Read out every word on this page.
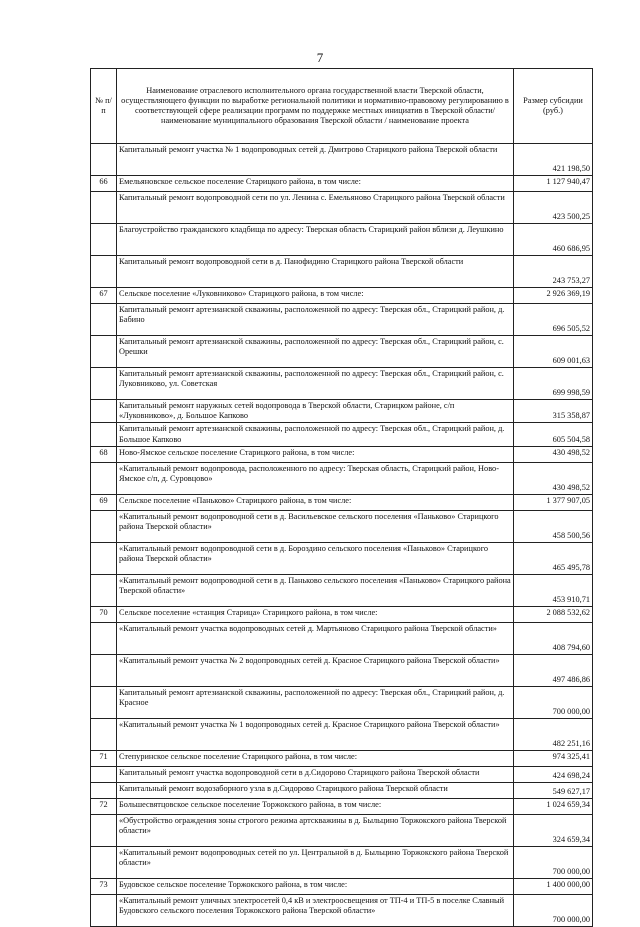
7
№ п/п	Наименование отраслевого исполнительного органа государственной власти Тверской области, осуществляющего функции по выработке региональной политики и нормативно-правовому регулированию в соответствующей сфере реализации программ по поддержке местных инициатив в Тверской области/ наименование муниципального образования Тверской области / наименование проекта	Размер субсидии (руб.)
	Капитальный ремонт участка № 1 водопроводных сетей д. Дмитрово Старицкого района Тверской области	421 198,50
66	Емельяновское сельское поселение Старицкого района, в том числе:	1 127 940,47
	Капитальный ремонт водопроводной сети по ул. Ленина с. Емельяново Старицкого района Тверской области	423 500,25
	Благоустройство гражданского кладбища по адресу: Тверская область Старицкий район вблизи д. Леушкино	460 686,95
	Капитальный ремонт водопроводной сети в д. Панофидино Старицкого района Тверской области	243 753,27
67	Сельское поселение «Луковниково» Старицкого района, в том числе:	2 926 369,19
	Капитальный ремонт артезианской скважины, расположенной по адресу: Тверская обл., Старицкий район, д. Бабино	696 505,52
	Капитальный ремонт артезианской скважины, расположенной по адресу: Тверская обл., Старицкий район, с. Орешки	609 001,63
	Капитальный ремонт артезианской скважины, расположенной по адресу: Тверская обл., Старицкий район, с. Луковниково, ул. Советская	699 998,59
	Капитальный ремонт наружных сетей водопровода в Тверской области, Старицком районе, с/п «Луковниково», д. Большое Капково	315 358,87
	Капитальный ремонт артезианской скважины, расположенной по адресу: Тверская обл., Старицкий район, д. Большое Капково	605 504,58
68	Ново-Ямское сельское поселение Старицкого района, в том числе:	430 498,52
	«Капитальный ремонт водопровода, расположенного по адресу: Тверская область, Старицкий район, Ново-Ямское с/п, д. Суровцово»	430 498,52
69	Сельское поселение «Паньково» Старицкого района, в том числе:	1 377 907,05
	«Капитальный ремонт водопроводной сети в д. Васильевское сельского поселения «Паньково» Старицкого района Тверской области»	458 500,56
	«Капитальный ремонт водопроводной сети в д. Бороздино сельского поселения «Паньково» Старицкого района Тверской области»	465 495,78
	«Капитальный ремонт водопроводной сети в д. Паньково сельского поселения «Паньково» Старицкого района Тверской области»	453 910,71
70	Сельское поселение «станция Старица» Старицкого района, в том числе:	2 088 532,62
	«Капитальный ремонт участка водопроводных сетей д. Мартьяново Старицкого района Тверской области»	408 794,60
	«Капитальный ремонт участка № 2 водопроводных сетей д. Красное Старицкого района Тверской области»	497 486,86
	Капитальный ремонт артезианской скважины, расположенной по адресу: Тверская обл., Старицкий район, д. Красное	700 000,00
	«Капитальный ремонт участка № 1 водопроводных сетей д. Красное Старицкого района Тверской области»	482 251,16
71	Степуринское сельское поселение Старицкого района, в том числе:	974 325,41
	Капитальный ремонт участка водопроводной сети в д.Сидорово Старицкого района Тверской области	424 698,24
	Капитальный ремонт водозаборного узла в д.Сидорово Старицкого района Тверской области	549 627,17
72	Большесвятцовское сельское поселение Торжокского района, в том числе:	1 024 659,34
	«Обустройство ограждения зоны строгого режима артскважины в д. Быльцино Торжокского района Тверской области»	324 659,34
	«Капитальный ремонт водопроводных сетей по ул. Центральной в д. Быльцино Торжокского района Тверской области»	700 000,00
73	Будовское сельское поселение Торжокского района, в том числе:	1 400 000,00
	«Капитальный ремонт уличных электросетей 0,4 кВ и электроосвещения от ТП-4 и ТП-5 в поселке Славный Будовского сельского поселения Торжокского района Тверской области»	700 000,00
